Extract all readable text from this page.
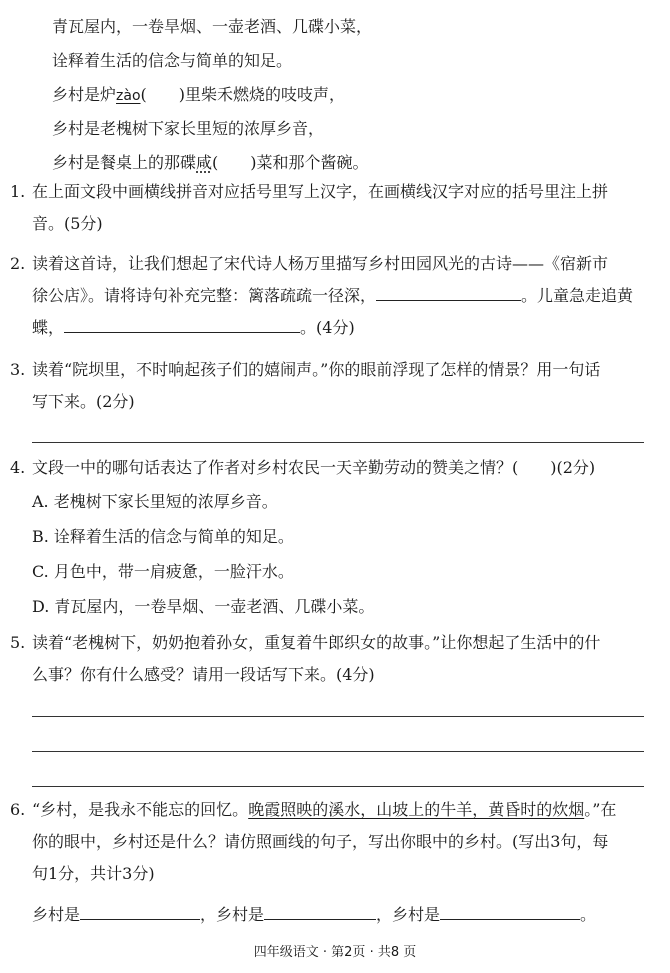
青瓦屋内，一卷旱烟、一壶老酒、几碟小菜，
诠释着生活的信念与简单的知足。
乡村是炉zào(　　)里柴禾燃烧的吱吱声，
乡村是老槐树下家长里短的浓厚乡音，
乡村是餐桌上的那碟咸(　　)菜和那个酱碗。
1. 在上面文段中画横线拼音对应括号里写上汉字，在画横线汉字对应的括号里注上拼
音。(5分)
2. 读着这首诗，让我们想起了宋代诗人杨万里描写乡村田园风光的古诗——《宿新市
徐公店》。请将诗句补充完整：篱落疏疏一径深，	。儿童急走追黄
蝶，	。(4分)
3. 读着“院坝里，不时响起孩子们的嬉闹声。”你的眼前浮现了怎样的情景？用一句话
写下来。(2分)
4. 文段一中的哪句话表达了作者对乡村农民一天辛勤劳动的赞美之情？(　　)(2分)
A. 老槐树下家长里短的浓厚乡音。
B. 诠释着生活的信念与简单的知足。
C. 月色中，带一肩疲惫，一脸汗水。
D. 青瓦屋内，一卷旱烟、一壶老酒、几碟小菜。
5. 读着“老槐树下，奶奶抱着孙女，重复着牛郎织女的故事。”让你想起了生活中的什
么事？你有什么感受？请用一段话写下来。(4分)
6. “乡村，是我永不能忘的回忆。晚霞照映的溪水，山坡上的牛羊，黄昏时的炊烟。”在
你的眼中，乡村还是什么？请仿照画线的句子，写出你眼中的乡村。(写出3句，每
句1分，共计3分)
乡村是	，乡村是	，乡村是	。
四年级语文 · 第2页 · 共8 页
